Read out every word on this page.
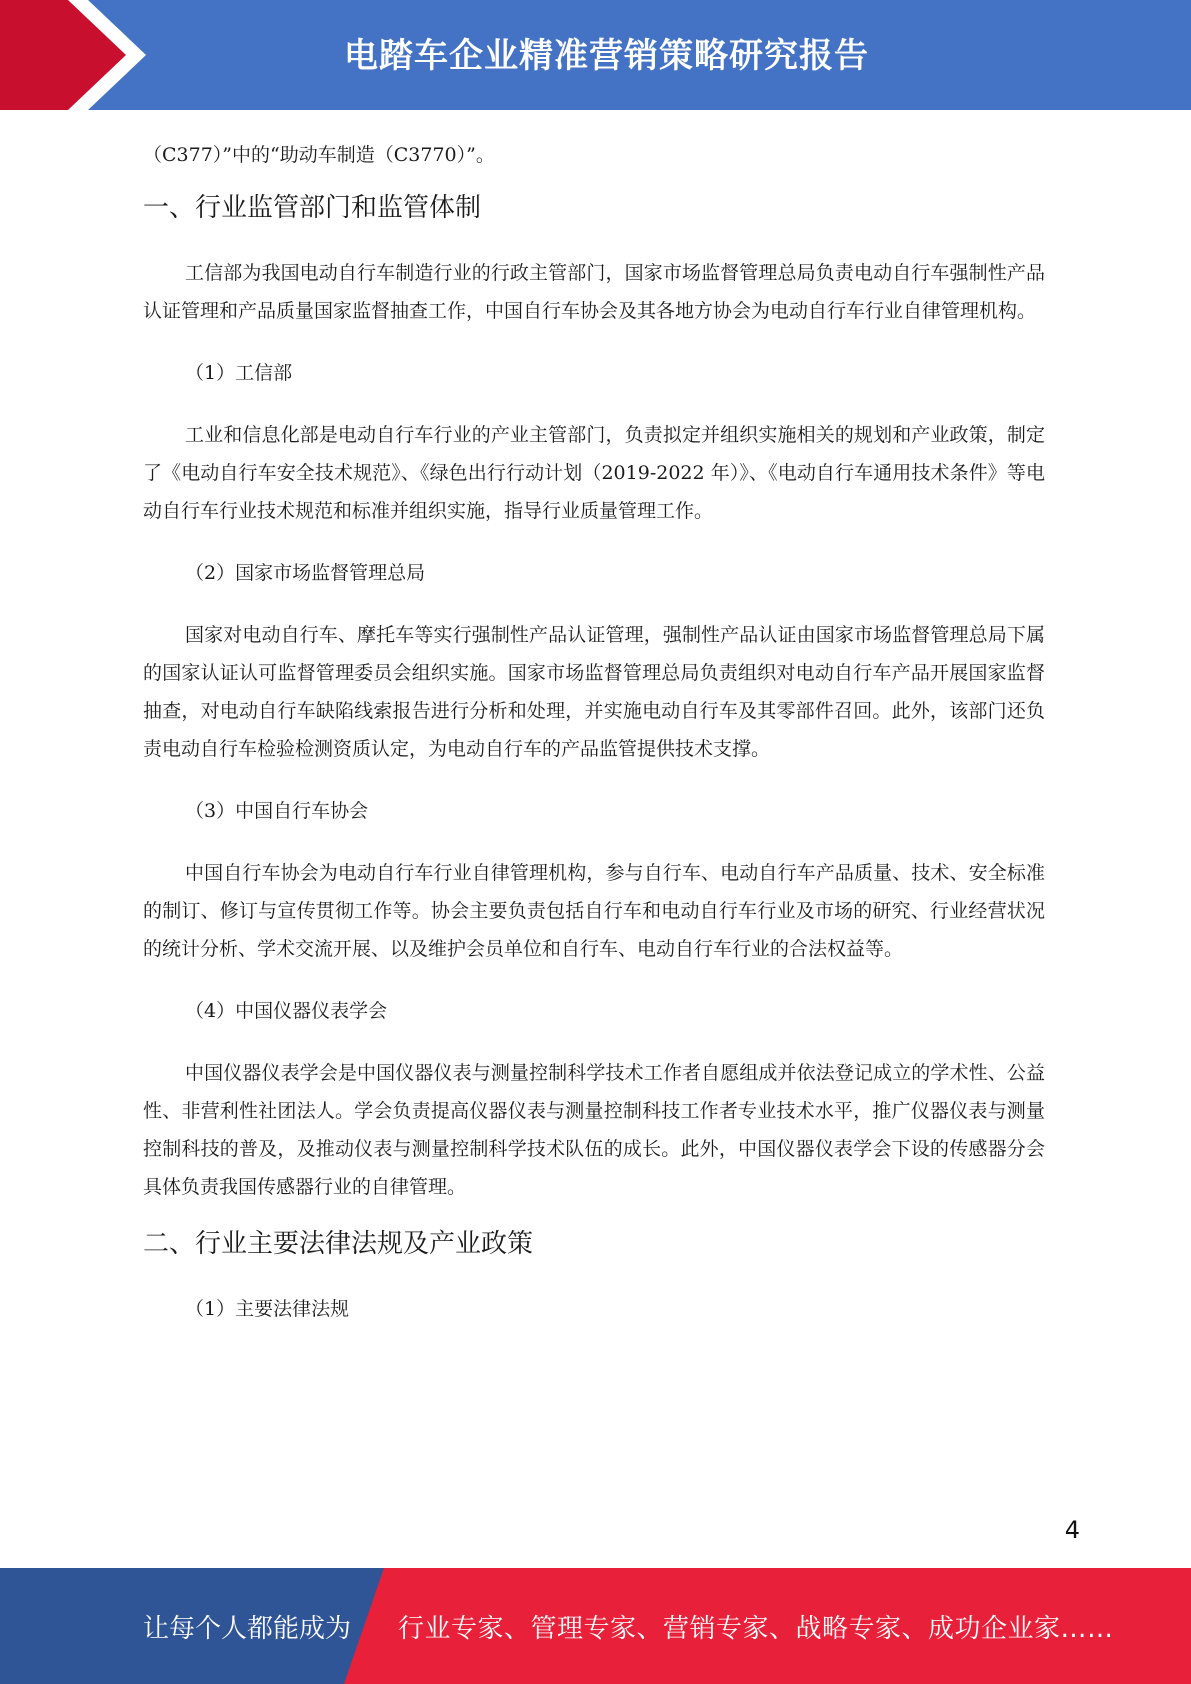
电踏车企业精准营销策略研究报告

（C377）”中的“助动车制造（C3770）”。

一、行业监管部门和监管体制

工信部为我国电动自行车制造行业的行政主管部门，国家市场监督管理总局负责电动自行车强制性产品认证管理和产品质量国家监督抽查工作，中国自行车协会及其各地方协会为电动自行车行业自律管理机构。

（1）工信部

工业和信息化部是电动自行车行业的产业主管部门，负责拟定并组织实施相关的规划和产业政策，制定了《电动自行车安全技术规范》、《绿色出行行动计划（2019-2022 年）》、《电动自行车通用技术条件》等电动自行车行业技术规范和标准并组织实施，指导行业质量管理工作。

（2）国家市场监督管理总局

国家对电动自行车、摩托车等实行强制性产品认证管理，强制性产品认证由国家市场监督管理总局下属的国家认证认可监督管理委员会组织实施。国家市场监督管理总局负责组织对电动自行车产品开展国家监督抽查，对电动自行车缺陷线索报告进行分析和处理，并实施电动自行车及其零部件召回。此外，该部门还负责电动自行车检验检测资质认定，为电动自行车的产品监管提供技术支撑。

（3）中国自行车协会

中国自行车协会为电动自行车行业自律管理机构，参与自行车、电动自行车产品质量、技术、安全标准的制订、修订与宣传贯彻工作等。协会主要负责包括自行车和电动自行车行业及市场的研究、行业经营状况的统计分析、学术交流开展、以及维护会员单位和自行车、电动自行车行业的合法权益等。

（4）中国仪器仪表学会

中国仪器仪表学会是中国仪器仪表与测量控制科学技术工作者自愿组成并依法登记成立的学术性、公益性、非营利性社团法人。学会负责提高仪器仪表与测量控制科技工作者专业技术水平，推广仪器仪表与测量控制科技的普及，及推动仪表与测量控制科学技术队伍的成长。此外，中国仪器仪表学会下设的传感器分会具体负责我国传感器行业的自律管理。

二、行业主要法律法规及产业政策

（1）主要法律法规

4
让每个人都能成为 行业专家、管理专家、营销专家、战略专家、成功企业家……
